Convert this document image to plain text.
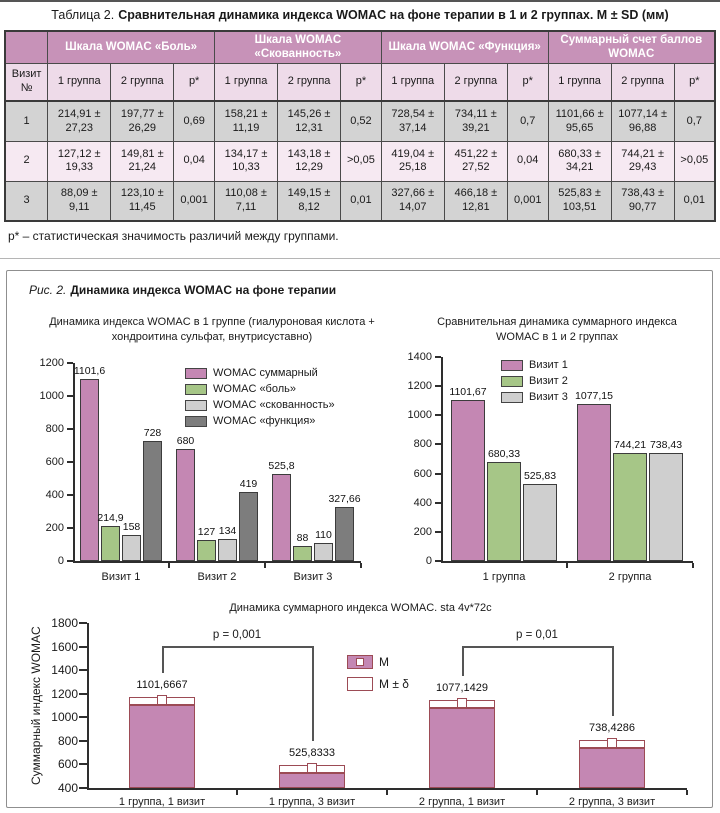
Таблица 2. Сравнительная динамика индекса WOMAC на фоне терапии в 1 и 2 группах. М ± SD (мм)
	Шкала WOMAC «Боль»			Шкала WOMAC «Скованность»			Шкала WOMAC «Функция»			Суммарный счет баллов WOMAC		
Визит №	1 группа	2 группа	р*	1 группа	2 группа	р*	1 группа	2 группа	р*	1 группа	2 группа	р*
1	214,91 ± 27,23	197,77 ± 26,29	0,69	158,21 ± 11,19	145,26 ± 12,31	0,52	728,54 ± 37,14	734,11 ± 39,21	0,7	1101,66 ± 95,65	1077,14 ± 96,88	0,7
2	127,12 ± 19,33	149,81 ± 21,24	0,04	134,17 ± 10,33	143,18 ± 12,29	>0,05	419,04 ± 25,18	451,22 ± 27,52	0,04	680,33 ± 34,21	744,21 ± 29,43	>0,05
3	88,09 ± 9,11	123,10 ± 11,45	0,001	110,08 ± 7,11	149,15 ± 8,12	0,01	327,66 ± 14,07	466,18 ± 12,81	0,001	525,83 ± 103,51	738,43 ± 90,77	0,01
р* – статистическая значимость различий между группами.
Рис. 2. Динамика индекса WOMAC на фоне терапии
Динамика индекса WOMAC в 1 группе (гиалуроновая кислота + хондроитина сульфат, внутрисуставно)
Сравнительная динамика суммарного индекса WOMAC в 1 и 2 группах
0
200
400
600
800
1000
1200
1101,6
214,9
158
728
Визит 1
680
127 134
419
Визит 2
525,8
88 110
327,66
Визит 3
WOMAC суммарный
WOMAC «боль»
WOMAC «скованность»
WOMAC «функция»
0
200
400
600
800
1000
1200
1400
1101,67
680,33
525,83
1 группа
1077,15
744,21 738,43
2 группа
Визит 1
Визит 2
Визит 3
Динамика суммарного индекса WOMAC. sta 4v*72c
Суммарный индекс WOMAC
400
600
800
1000
1200
1400
1600
1800
1101,6667
1 группа, 1 визит
525,8333
1 группа, 3 визит
1077,1429
2 группа, 1 визит
738,4286
2 группа, 3 визит
p = 0,001	p = 0,01
М
М ± δ
